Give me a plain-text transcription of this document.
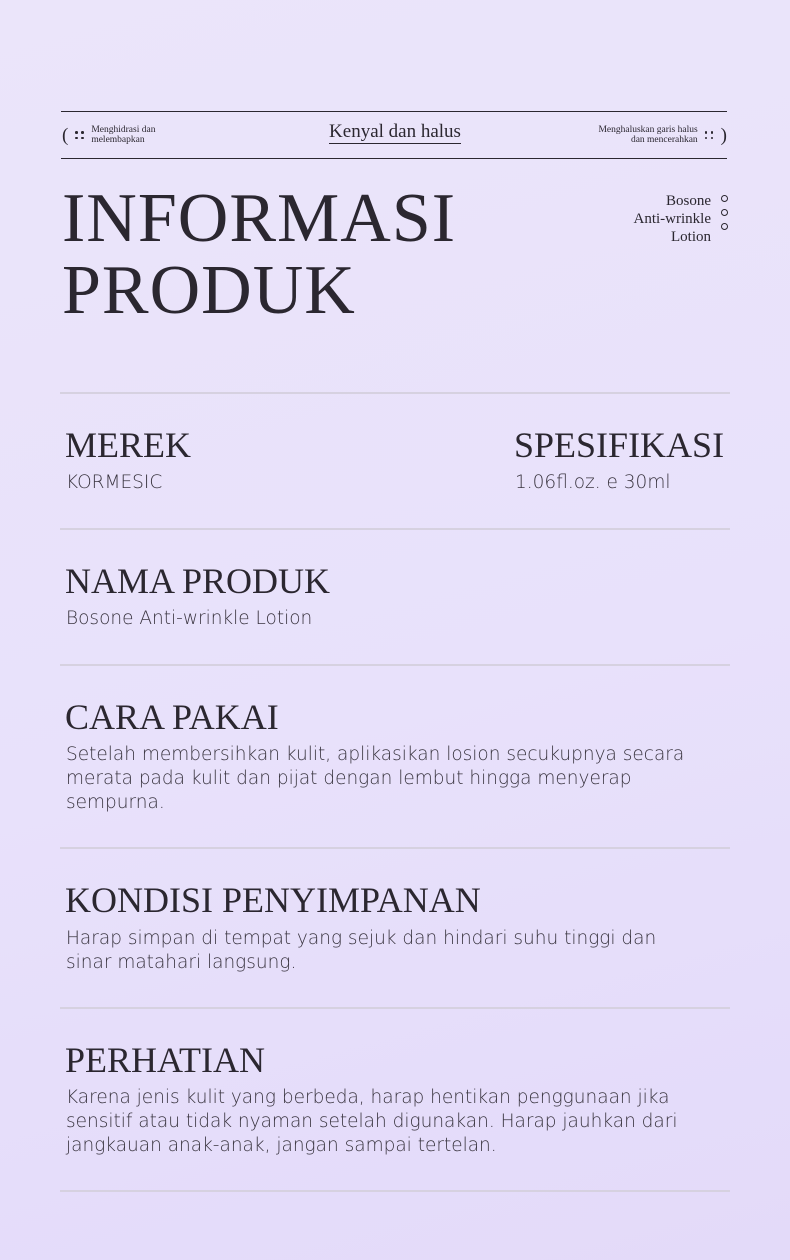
( Menghidrasi dan
melembapkan	Kenyal dan halus	Menghaluskan garis halus
dan mencerahkan )
INFORMASI
PRODUK
Bosone
Anti-wrinkle
Lotion
MEREK

KORMESIC

SPESIFIKASI

1.06fl.oz. e 30ml

NAMA PRODUK

Bosone Anti-wrinkle Lotion

CARA PAKAI
Setelah membersihkan kulit, aplikasikan losion secukupnya secara
merata pada kulit dan pijat dengan lembut hingga menyerap
sempurna.
KONDISI PENYIMPANAN
Harap simpan di tempat yang sejuk dan hindari suhu tinggi dan
sinar matahari langsung.
PERHATIAN
Karena jenis kulit yang berbeda, harap hentikan penggunaan jika
sensitif atau tidak nyaman setelah digunakan. Harap jauhkan dari
jangkauan anak-anak, jangan sampai tertelan.
